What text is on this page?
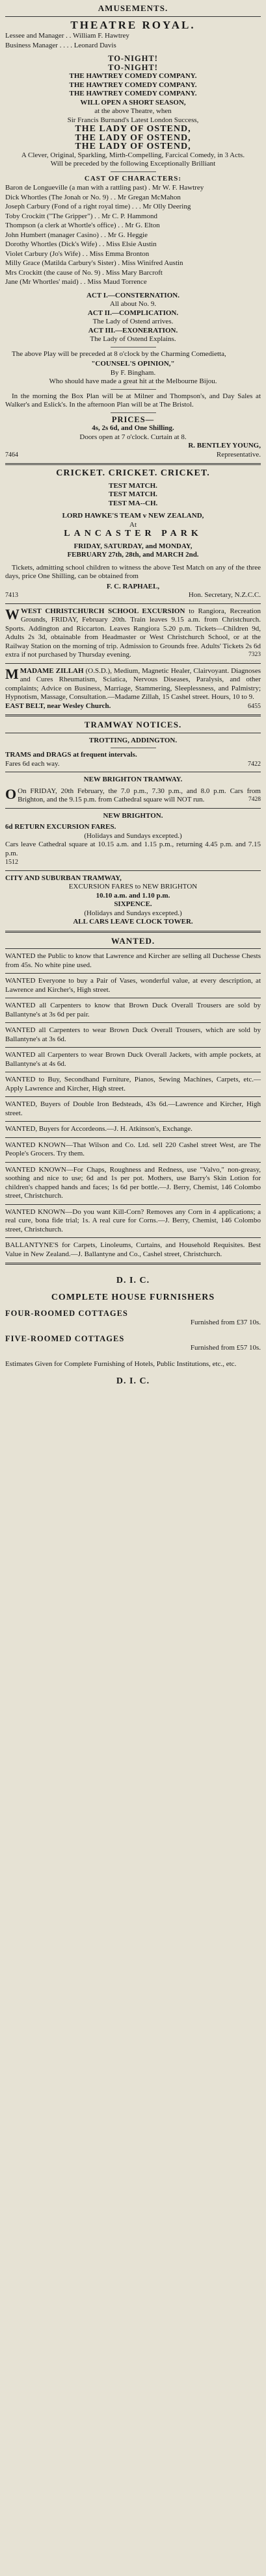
AMUSEMENTS.
THEATRE ROYAL.
Lessee and Manager . . William F. Hawtrey
Business Manager . . . . Leonard Davis
TO-NIGHT!
TO-NIGHT!
THE HAWTREY COMEDY COMPANY.
THE HAWTREY COMEDY COMPANY.
THE HAWTREY COMEDY COMPANY.
WILL OPEN A SHORT SEASON,
at the above Theatre, when
Sir Francis Burnand's Latest London Success,
THE LADY OF OSTEND,
THE LADY OF OSTEND,
THE LADY OF OSTEND,
A Clever, Original, Sparkling, Mirth-Compelling, Farcical Comedy, in 3 Acts.
Will be preceded by the following Exceptionally Brilliant
CAST OF CHARACTERS:
Baron de Longueville (a man with a rattling past) . Mr W. F. Hawtrey
Dick Whortles (The Jonah or No. 9) . . Mr Gregan McMahon
Joseph Carbury (Fond of a right royal time) . . . Mr Olly Deering
Toby Crockitt ("The Gripper") . . Mr C. P. Hammond
Thompson (a clerk at Whortle's office) . . Mr G. Elton
John Humbert (manager Casino) . . Mr G. Heggie
Dorothy Whortles (Dick's Wife) . . Miss Elsie Austin
Violet Carbury (Jo's Wife) . . Miss Emma Bronton
Milly Grace (Matilda Carbury's Sister) . Miss Winifred Austin
Mrs Crockitt (the cause of No. 9) . Miss Mary Barcroft
Jane (Mr Whortles' maid) . . Miss Maud Torrence
ACT I.—CONSTERNATION.
All about No. 9.
ACT II.—COMPLICATION.
The Lady of Ostend arrives.
ACT III.—EXONERATION.
The Lady of Ostend Explains.
The above Play will be preceded at 8 o'clock by the Charming Comedietta,
"COUNSEL'S OPINION,"
By F. Bingham.
Who should have made a great hit at the Melbourne Bijou.
In the morning the Box Plan will be at Milner and Thompson's, and Day Sales at Walker's and Eslick's. In the afternoon Plan will be at The Bristol.
PRICES—
4s, 2s 6d, and One Shilling.
Doors open at 7 o'clock. Curtain at 8.
R. BENTLEY YOUNG,
7464	Representative.
CRICKET. CRICKET. CRICKET.
TEST MATCH.
TEST MATCH.
TEST MA--CH.
LORD HAWKE'S TEAM v NEW ZEALAND,
At
LANCASTER PARK
FRIDAY, SATURDAY, and MONDAY,
FEBRUARY 27th, 28th, and MARCH 2nd.
Tickets, admitting school children to witness the above Test Match on any of the three days, price One Shilling, can be obtained from
F. C. RAPHAEL,
7413	Hon. Secretary, N.Z.C.C.
W WEST CHRISTCHURCH SCHOOL EXCURSION to Rangiora, Recreation Grounds, FRIDAY, February 20th. Train leaves 9.15 a.m. from Christchurch. Sports. Addington and Riccarton. Leaves Rangiora 5.20 p.m. Tickets—Children 9d, Adults 2s 3d, obtainable from Headmaster or West Christchurch School, or at the Railway Station on the morning of trip. Admission to Grounds free. Adults' Tickets 2s 6d extra if not purchased by Thursday evening.	7323
M MADAME ZILLAH (O.S.D.), Medium, Magnetic Healer, Clairvoyant. Diagnoses and Cures Rheumatism, Sciatica, Nervous Diseases, Paralysis, and other complaints; Advice on Business, Marriage, Stammering, Sleeplessness, and Palmistry; Hypnotism, Massage, Consultation.—Madame Zillah, 15 Cashel street. Hours, 10 to 9.
EAST BELT, near Wesley Church.	6455
TRAMWAY NOTICES.
TROTTING, ADDINGTON.
TRAMS and DRAGS at frequent intervals.
Fares 6d each way.	7422
NEW BRIGHTON TRAMWAY.
O On FRIDAY, 20th February, the 7.0 p.m., 7.30 p.m., and 8.0 p.m. Cars from Brighton, and the 9.15 p.m. from Cathedral square will NOT run.	7428
NEW BRIGHTON.
6d RETURN EXCURSION FARES.
(Holidays and Sundays excepted.)
Cars leave Cathedral square at 10.15 a.m. and 1.15 p.m., returning 4.45 p.m. and 7.15 p.m.
1512
CITY AND SUBURBAN TRAMWAY,
EXCURSION FARES to NEW BRIGHTON
10.10 a.m. and 1.10 p.m.
SIXPENCE.
(Holidays and Sundays excepted.)
ALL CARS LEAVE CLOCK TOWER.
WANTED.
WANTED the Public to know that Lawrence and Kircher are selling all Duchesse Chests from 45s. No white pine used.
WANTED Everyone to buy a Pair of Vases, wonderful value, at every description, at Lawrence and Kircher's, High street.
WANTED all Carpenters to know that Brown Duck Overall Trousers are sold by Ballantyne's at 3s 6d per pair.
WANTED all Carpenters to wear Brown Duck Overall Trousers, which are sold by Ballantyne's at 3s 6d.
WANTED all Carpenters to wear Brown Duck Overall Jackets, with ample pockets, at Ballantyne's at 4s 6d.
WANTED to Buy, Secondhand Furniture, Pianos, Sewing Machines, Carpets, etc.—Apply Lawrence and Kircher, High street.
WANTED, Buyers of Double Iron Bedsteads, 43s 6d.—Lawrence and Kircher, High street.
WANTED, Buyers for Accordeons.—J. H. Atkinson's, Exchange.
WANTED KNOWN—That Wilson and Co. Ltd. sell 220 Cashel street West, are The People's Grocers. Try them.
WANTED KNOWN—For Chaps, Roughness and Redness, use "Valvo," non-greasy, soothing and nice to use; 6d and 1s per pot. Mothers, use Barry's Skin Lotion for children's chapped hands and faces; 1s 6d per bottle.—J. Berry, Chemist, 146 Colombo street, Christchurch.
WANTED KNOWN—Do you want Kill-Corn? Removes any Corn in 4 applications; a real cure, bona fide trial; 1s. A real cure for Corns.—J. Berry, Chemist, 146 Colombo street, Christchurch.
BALLANTYNE'S for Carpets, Linoleums, Curtains, and Household Requisites. Best Value in New Zealand.—J. Ballantyne and Co., Cashel street, Christchurch.
D. I. C.
COMPLETE HOUSE FURNISHERS
FOUR-ROOMED COTTAGES
Furnished from £37 10s.
FIVE-ROOMED COTTAGES
Furnished from £57 10s.
Estimates Given for Complete Furnishing of Hotels, Public Institutions, etc., etc.
D. I. C.
